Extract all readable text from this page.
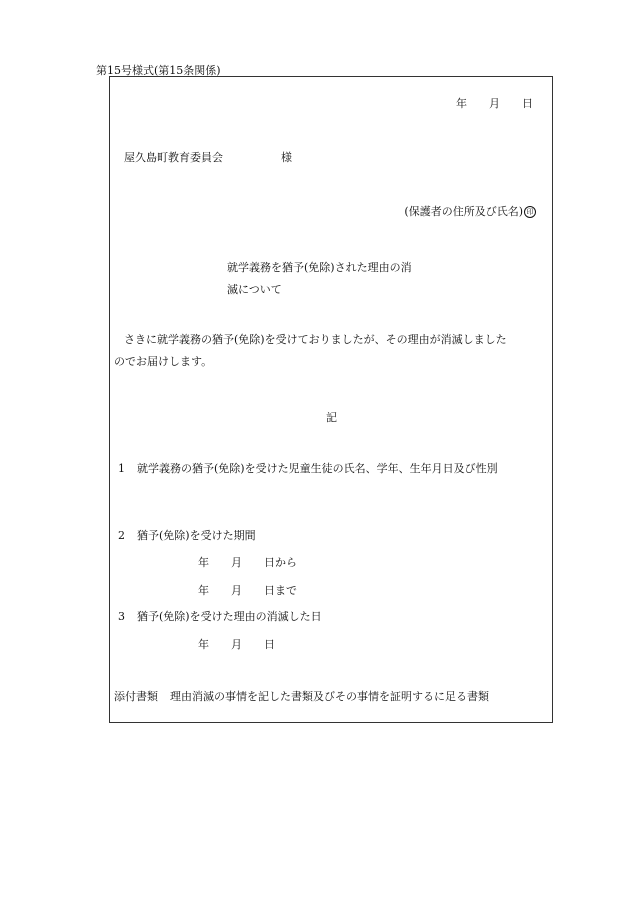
第15号様式(第15条関係)
年 月 日
屋久島町教育委員会	様
(保護者の住所及び氏名) 印
就学義務を猶予(免除)された理由の消
滅について
さきに就学義務の猶予(免除)を受けておりましたが、その理由が消滅しました
のでお届けします。
記
1 就学義務の猶予(免除)を受けた児童生徒の氏名、学年、生年月日及び性別
2 猶予(免除)を受けた期間
年 月 日から
年 月 日まで
3 猶予(免除)を受けた理由の消滅した日
年 月 日
添付書類 理由消滅の事情を記した書類及びその事情を証明するに足る書類
